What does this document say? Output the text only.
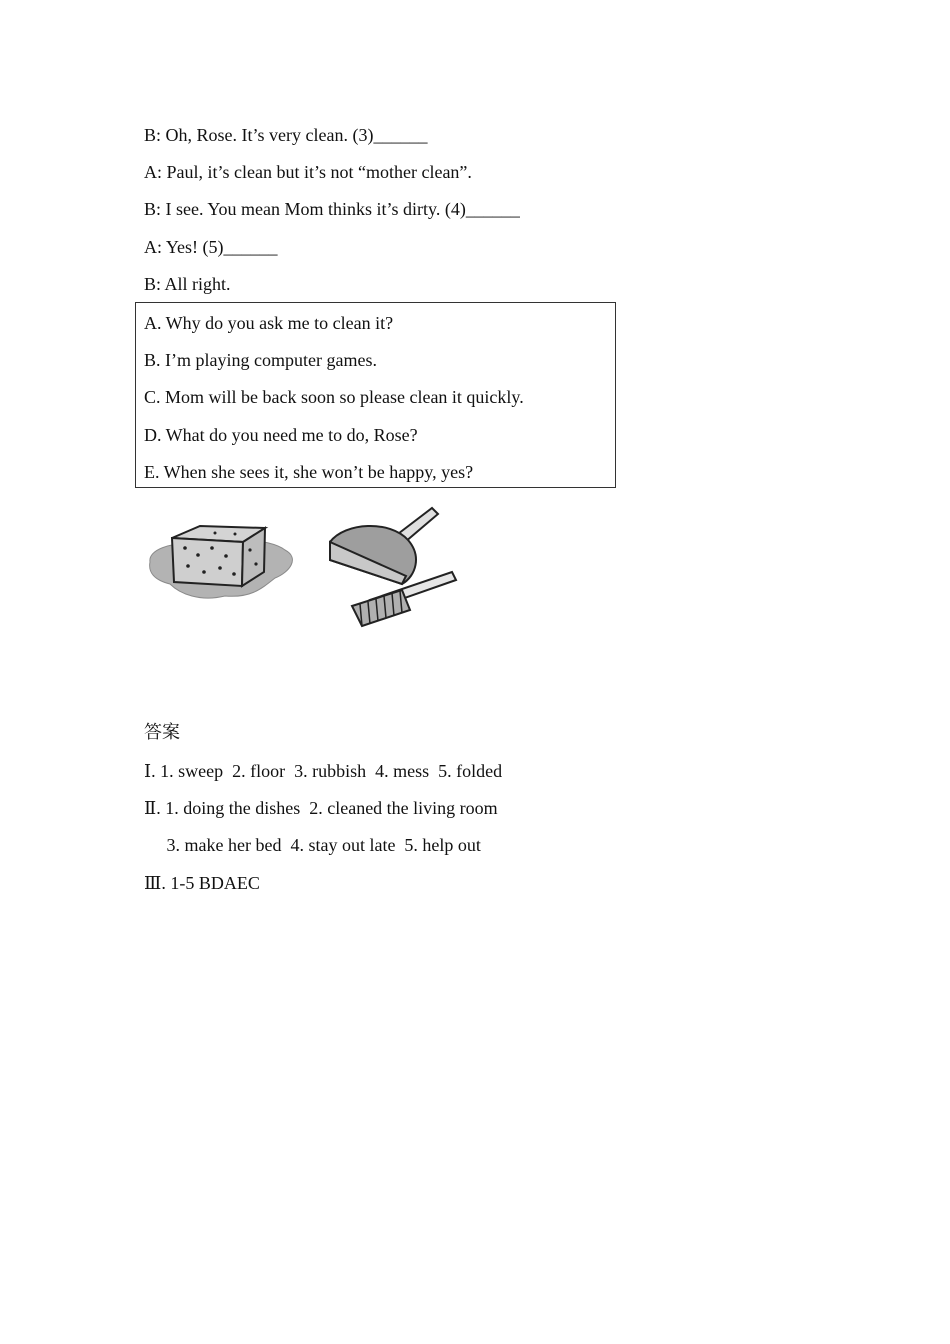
B: Oh, Rose. It’s very clean. (3)______
A: Paul, it’s clean but it’s not “mother clean”.
B: I see. You mean Mom thinks it’s dirty. (4)______
A: Yes! (5)______
B: All right.
A. Why do you ask me to clean it?
B. I’m playing computer games.
C. Mom will be back soon so please clean it quickly.
D. What do you need me to do, Rose?
E. When she sees it, she won’t be happy, yes?
答案
Ⅰ. 1. sweep  2. floor  3. rubbish  4. mess  5. folded
Ⅱ. 1. doing the dishes  2. cleaned the living room
3. make her bed  4. stay out late  5. help out
Ⅲ. 1-5 BDAEC
